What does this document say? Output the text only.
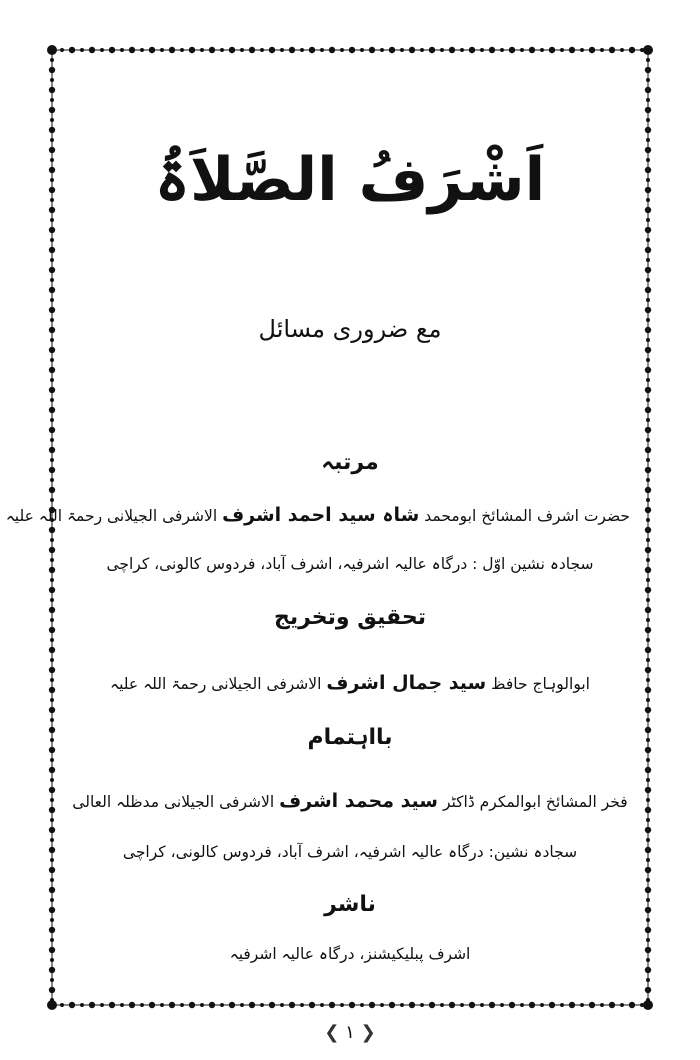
اَشْرَفُ الصَّلاَۃُ
مع ضروری مسائل
مرتبہ
حضرت اشرف المشائخ ابومحمد شاہ سید احمد اشرف الاشرفی الجیلانی رحمۃ اللہ علیہ
سجادہ نشین اوّل : درگاہ عالیہ اشرفیہ، اشرف آباد، فردوس کالونی، کراچی
تحقیق وتخریج
ابوالوہاج حافظ سید جمال اشرف الاشرفی الجیلانی رحمۃ اللہ علیہ
بااہتمام
فخر المشائخ ابوالمکرم ڈاکٹر سید محمد اشرف الاشرفی الجیلانی مدظلہ العالی
سجادہ نشین: درگاہ عالیہ اشرفیہ، اشرف آباد، فردوس کالونی، کراچی
ناشر
اشرف پبلیکیشنز، درگاہ عالیہ اشرفیہ
❮ ۱ ❯
